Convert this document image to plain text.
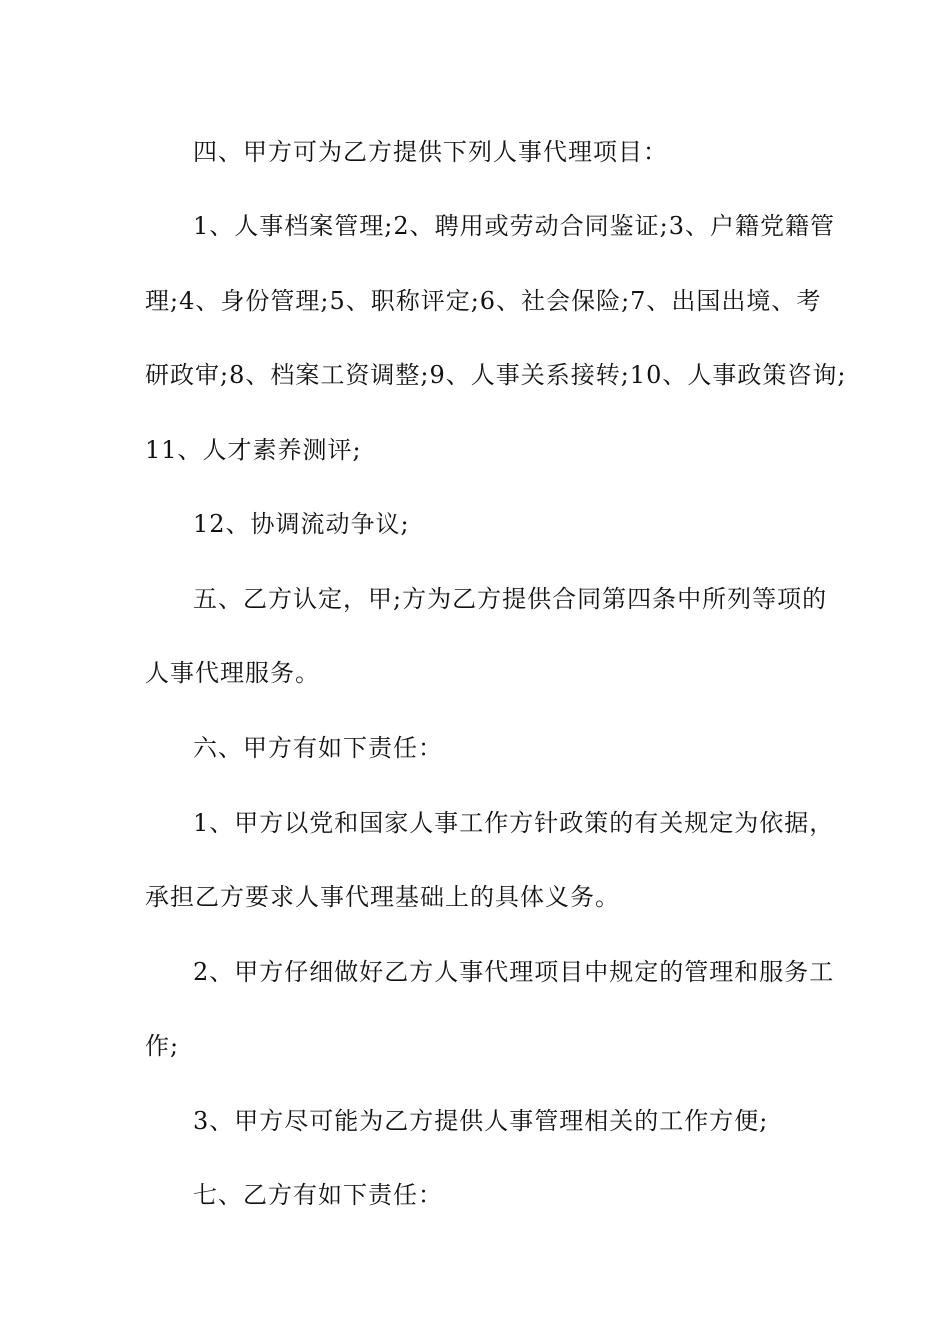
四、甲方可为乙方提供下列人事代理项目：
1、人事档案管理;2、聘用或劳动合同鉴证;3、户籍党籍管
理;4、身份管理;5、职称评定;6、社会保险;7、出国出境、考
研政审;8、档案工资调整;9、人事关系接转;10、人事政策咨询;
11、人才素养测评;
12、协调流动争议;
五、乙方认定，甲;方为乙方提供合同第四条中所列等项的
人事代理服务。
六、甲方有如下责任：
1、甲方以党和国家人事工作方针政策的有关规定为依据，
承担乙方要求人事代理基础上的具体义务。
2、甲方仔细做好乙方人事代理项目中规定的管理和服务工
作;
3、甲方尽可能为乙方提供人事管理相关的工作方便;
七、乙方有如下责任：
